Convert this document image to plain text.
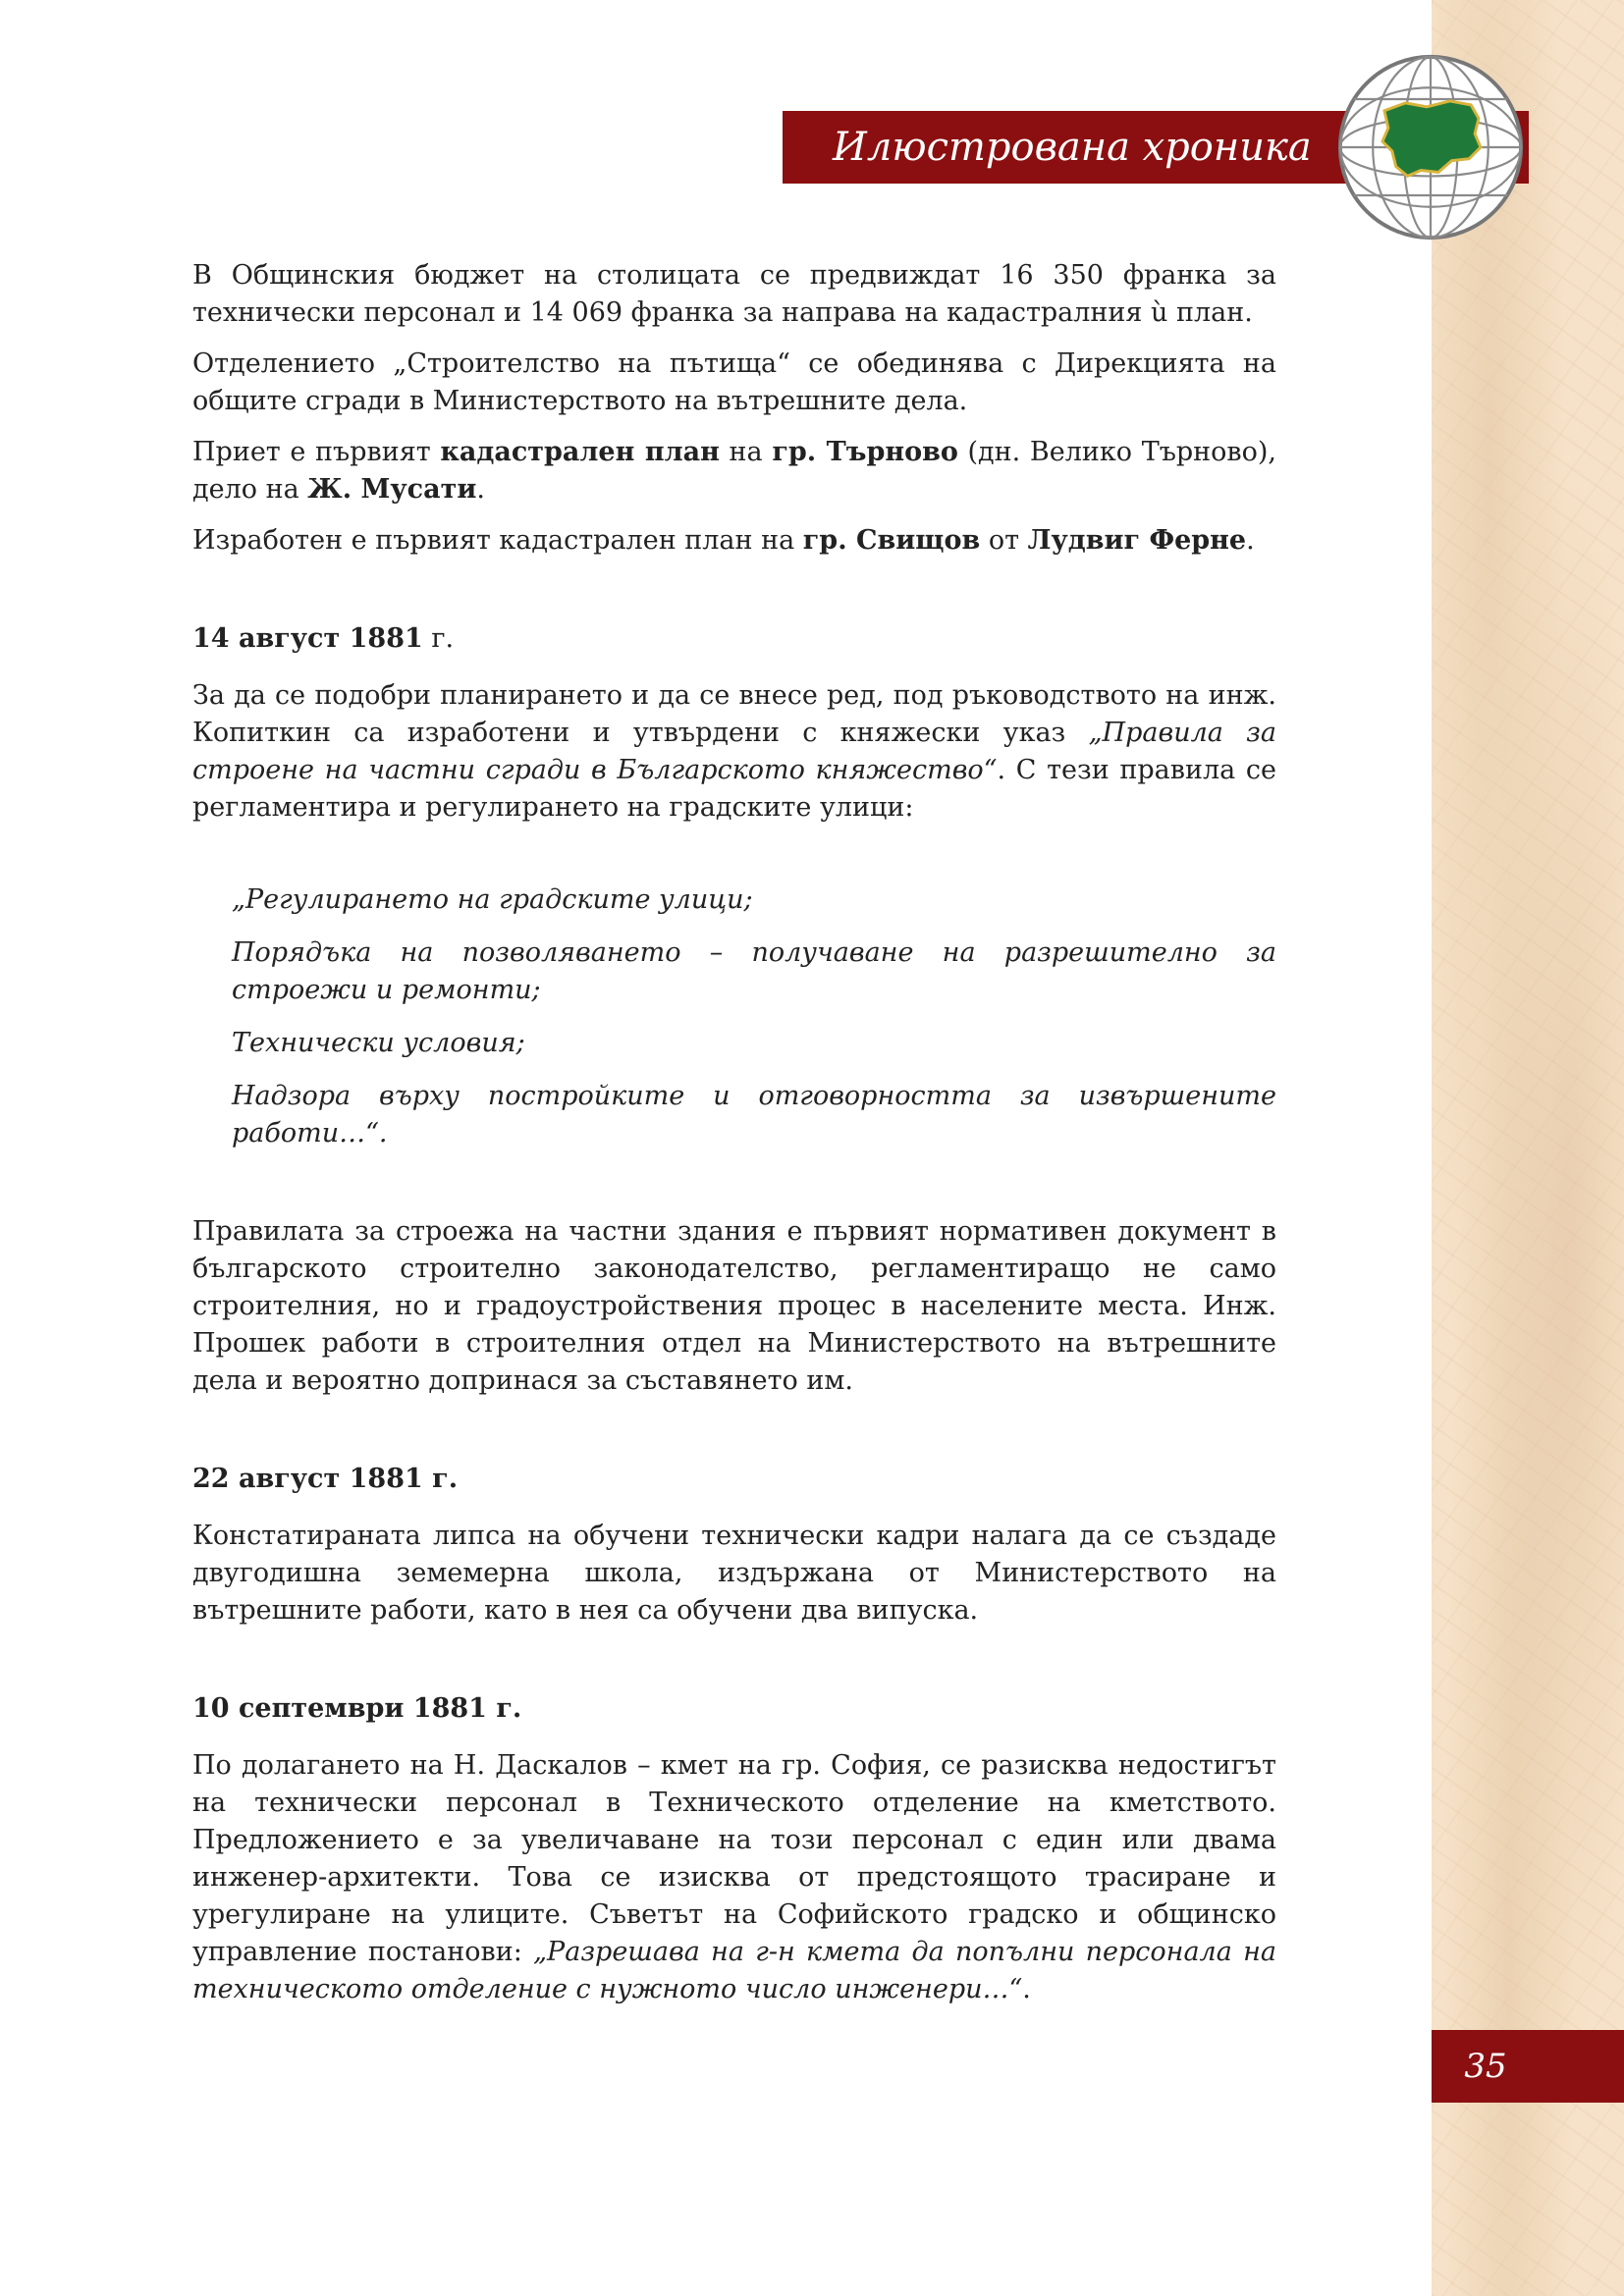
Илюстрована хроника
35

В Общинския бюджет на столицата се предвиждат 16 350 франка за технически персонал и 14 069 франка за направа на кадастралния ù план.

Отделението „Строителство на пътища“ се обединява с Дирекцията на общите сгради в Министерството на вътрешните дела.

Приет е първият кадастрален план на гр. Търново (дн. Велико Търново), дело на Ж. Мусати.

Изработен е първият кадастрален план на гр. Свищов от Лудвиг Ферне.

14 август 1881 г.

За да се подобри планирането и да се внесе ред, под ръководството на инж. Копиткин са изработени и утвърдени с княжески указ „Правила за строене на частни сгради в Българското княжество“. С тези правила се регламентира и регулирането на градските улици:

„Регулирането на градските улици;

Порядъка на позволяването – получаване на разрешително за строежи и ремонти;

Технически условия;

Надзора върху постройките и отговорността за извършените работи…“.

Правилата за строежа на частни здания е първият нормативен документ в българското строително законодателство, регламентиращо не само строителния, но и градоустройствения процес в населените места. Инж. Прошек работи в строителния отдел на Министерството на вътрешните дела и вероятно допринася за съставянето им.

22 август 1881 г.

Констатираната липса на обучени технически кадри налага да се създаде двугодишна земемерна школа, издържана от Министерството на вътрешните работи, като в нея са обучени два випуска.

10 септември 1881 г.

По долагането на Н. Даскалов – кмет на гр. София, се разисква недостигът на технически персонал в Техническото отделение на кметството. Предложението е за увеличаване на този персонал с един или двама инженер-архитекти. Това се изисква от предстоящото трасиране и урегулиране на улиците. Съветът на Софийското градско и общинско управление постанови: „Разрешава на г-н кмета да попълни персонала на техническото отделение с нужното число инженери…“.
